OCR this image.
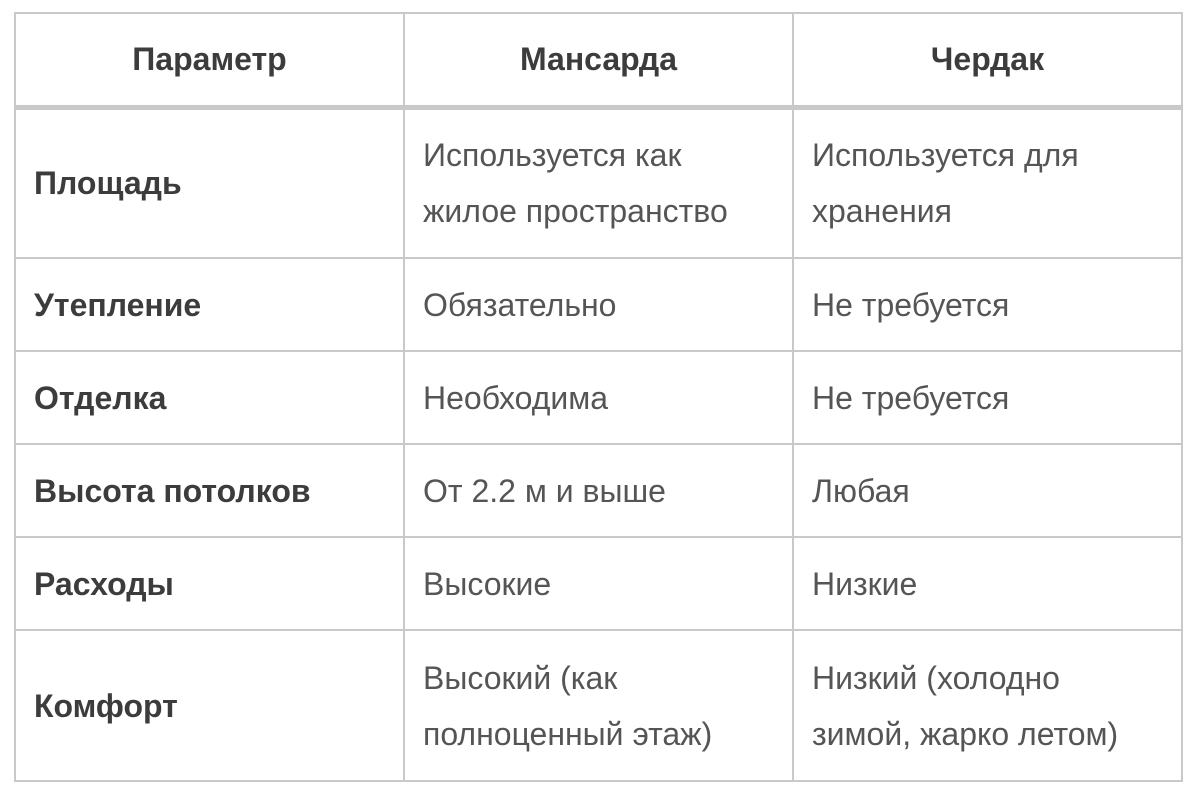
Параметр	Мансарда	Чердак
Площадь	Используется как жилое пространство	Используется для хранения
Утепление	Обязательно	Не требуется
Отделка	Необходима	Не требуется
Высота потолков	От 2.2 м и выше	Любая
Расходы	Высокие	Низкие
Комфорт	Высокий (как полноценный этаж)	Низкий (холодно зимой, жарко летом)
